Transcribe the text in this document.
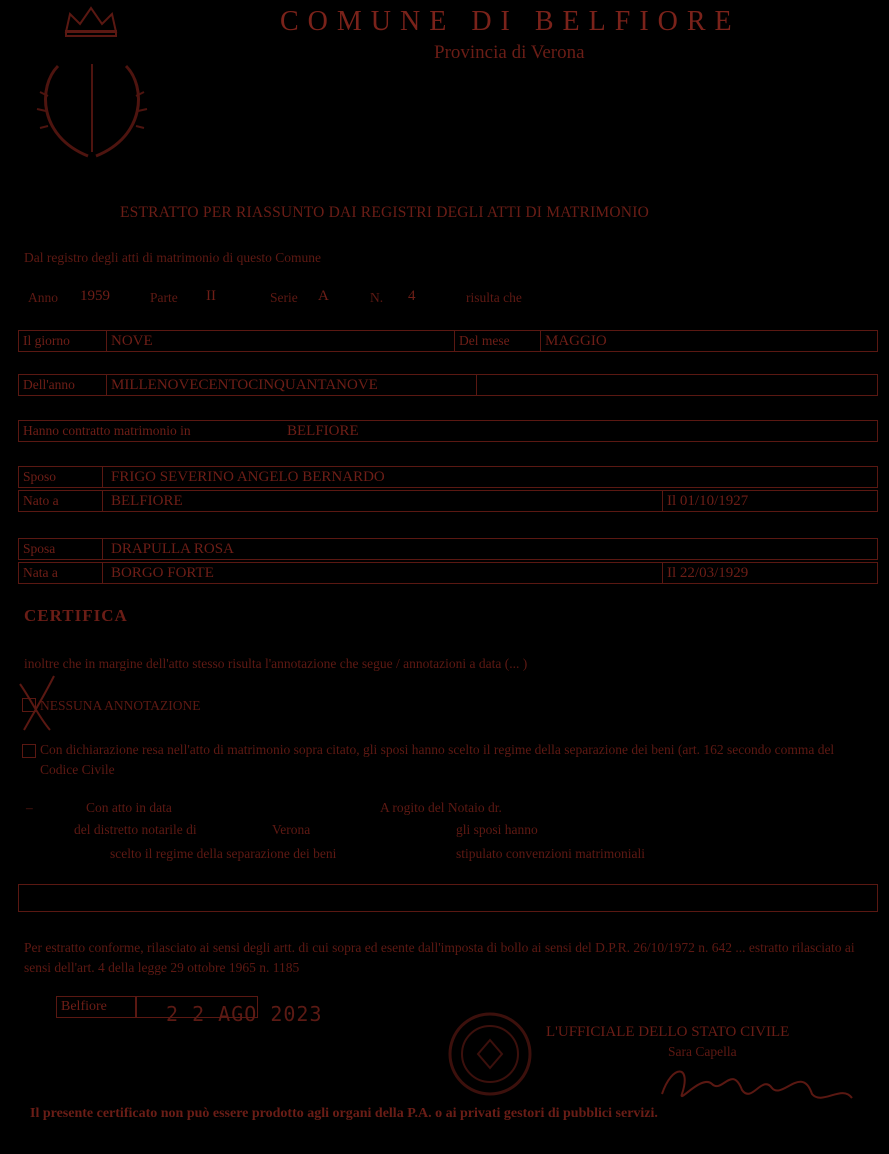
COMUNE DI BELFIORE
Provincia di Verona
ESTRATTO PER RIASSUNTO DAI REGISTRI DEGLI ATTI DI MATRIMONIO
Dal registro degli atti di matrimonio di questo Comune
Anno 1959	Parte II	Serie A	N. 4	risulta che
Il giorno	NOVE	Del mese	MAGGIO
Dell'anno	MILLENOVECENTOCINQUANTANOVE
Hanno contratto matrimonio in	BELFIORE
Sposo	FRIGO SEVERINO ANGELO BERNARDO
Nato a	BELFIORE	Il 01/10/1927
Sposa	DRAPULLA ROSA
Nata a	BORGO FORTE	Il 22/03/1929
CERTIFICA
inoltre che in margine dell'atto stesso risulta l'annotazione che segue / annotazioni a data (... )
NESSUNA ANNOTAZIONE
Con dichiarazione resa nell'atto di matrimonio sopra citato, gli sposi hanno scelto il regime della separazione dei beni (art. 162 secondo comma del Codice Civile
–	Con atto in data	A rogito del Notaio dr.
del distretto notarile di	Verona	gli sposi hanno
scelto il regime della separazione dei beni	stipulato convenzioni matrimoniali
Per estratto conforme, rilasciato ai sensi degli artt. di cui sopra ed esente dall'imposta di bollo ai sensi del D.P.R. 26/10/1972 n. 642 ... estratto rilasciato ai sensi dell'art. 4 della legge 29 ottobre 1965 n. 1185
Belfiore	2 2 AGO 2023
L'UFFICIALE DELLO STATO CIVILE
Sara Capella
Il presente certificato non può essere prodotto agli organi della P.A. o ai privati gestori di pubblici servizi.
